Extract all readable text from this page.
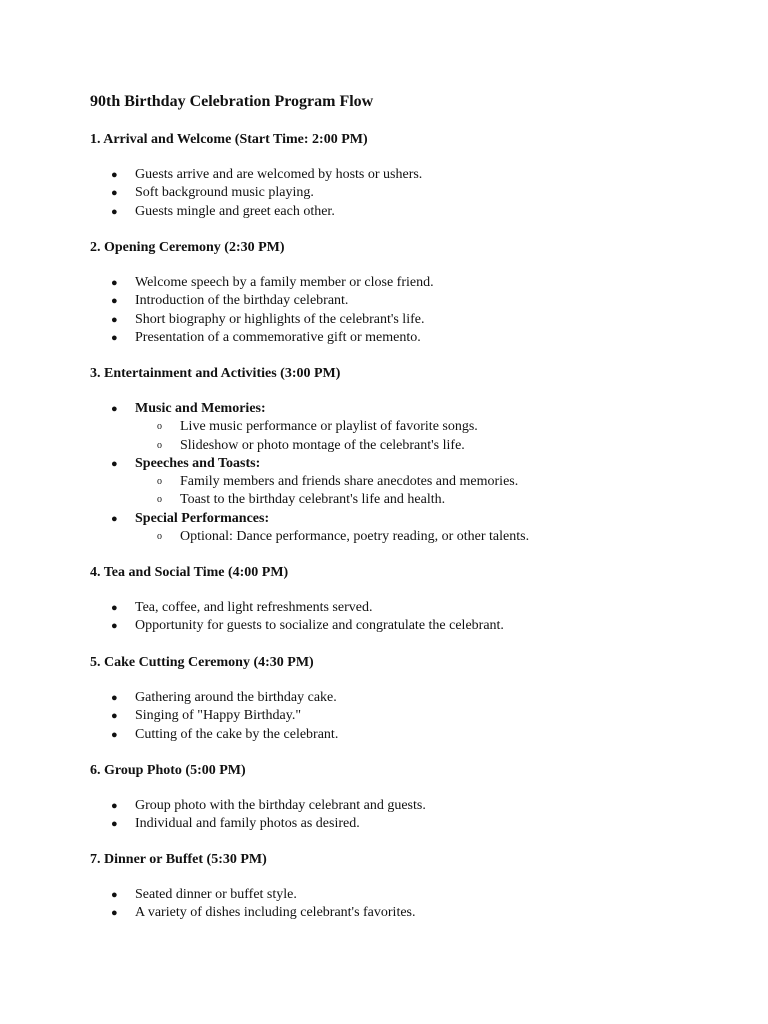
90th Birthday Celebration Program Flow
1. Arrival and Welcome (Start Time: 2:00 PM)
● Guests arrive and are welcomed by hosts or ushers.
● Soft background music playing.
● Guests mingle and greet each other.
2. Opening Ceremony (2:30 PM)
● Welcome speech by a family member or close friend.
● Introduction of the birthday celebrant.
● Short biography or highlights of the celebrant's life.
● Presentation of a commemorative gift or memento.
3. Entertainment and Activities (3:00 PM)
● Music and Memories:
o Live music performance or playlist of favorite songs.
o Slideshow or photo montage of the celebrant's life.
● Speeches and Toasts:
o Family members and friends share anecdotes and memories.
o Toast to the birthday celebrant's life and health.
● Special Performances:
o Optional: Dance performance, poetry reading, or other talents.
4. Tea and Social Time (4:00 PM)
● Tea, coffee, and light refreshments served.
● Opportunity for guests to socialize and congratulate the celebrant.
5. Cake Cutting Ceremony (4:30 PM)
● Gathering around the birthday cake.
● Singing of "Happy Birthday."
● Cutting of the cake by the celebrant.
6. Group Photo (5:00 PM)
● Group photo with the birthday celebrant and guests.
● Individual and family photos as desired.
7. Dinner or Buffet (5:30 PM)
● Seated dinner or buffet style.
● A variety of dishes including celebrant's favorites.
